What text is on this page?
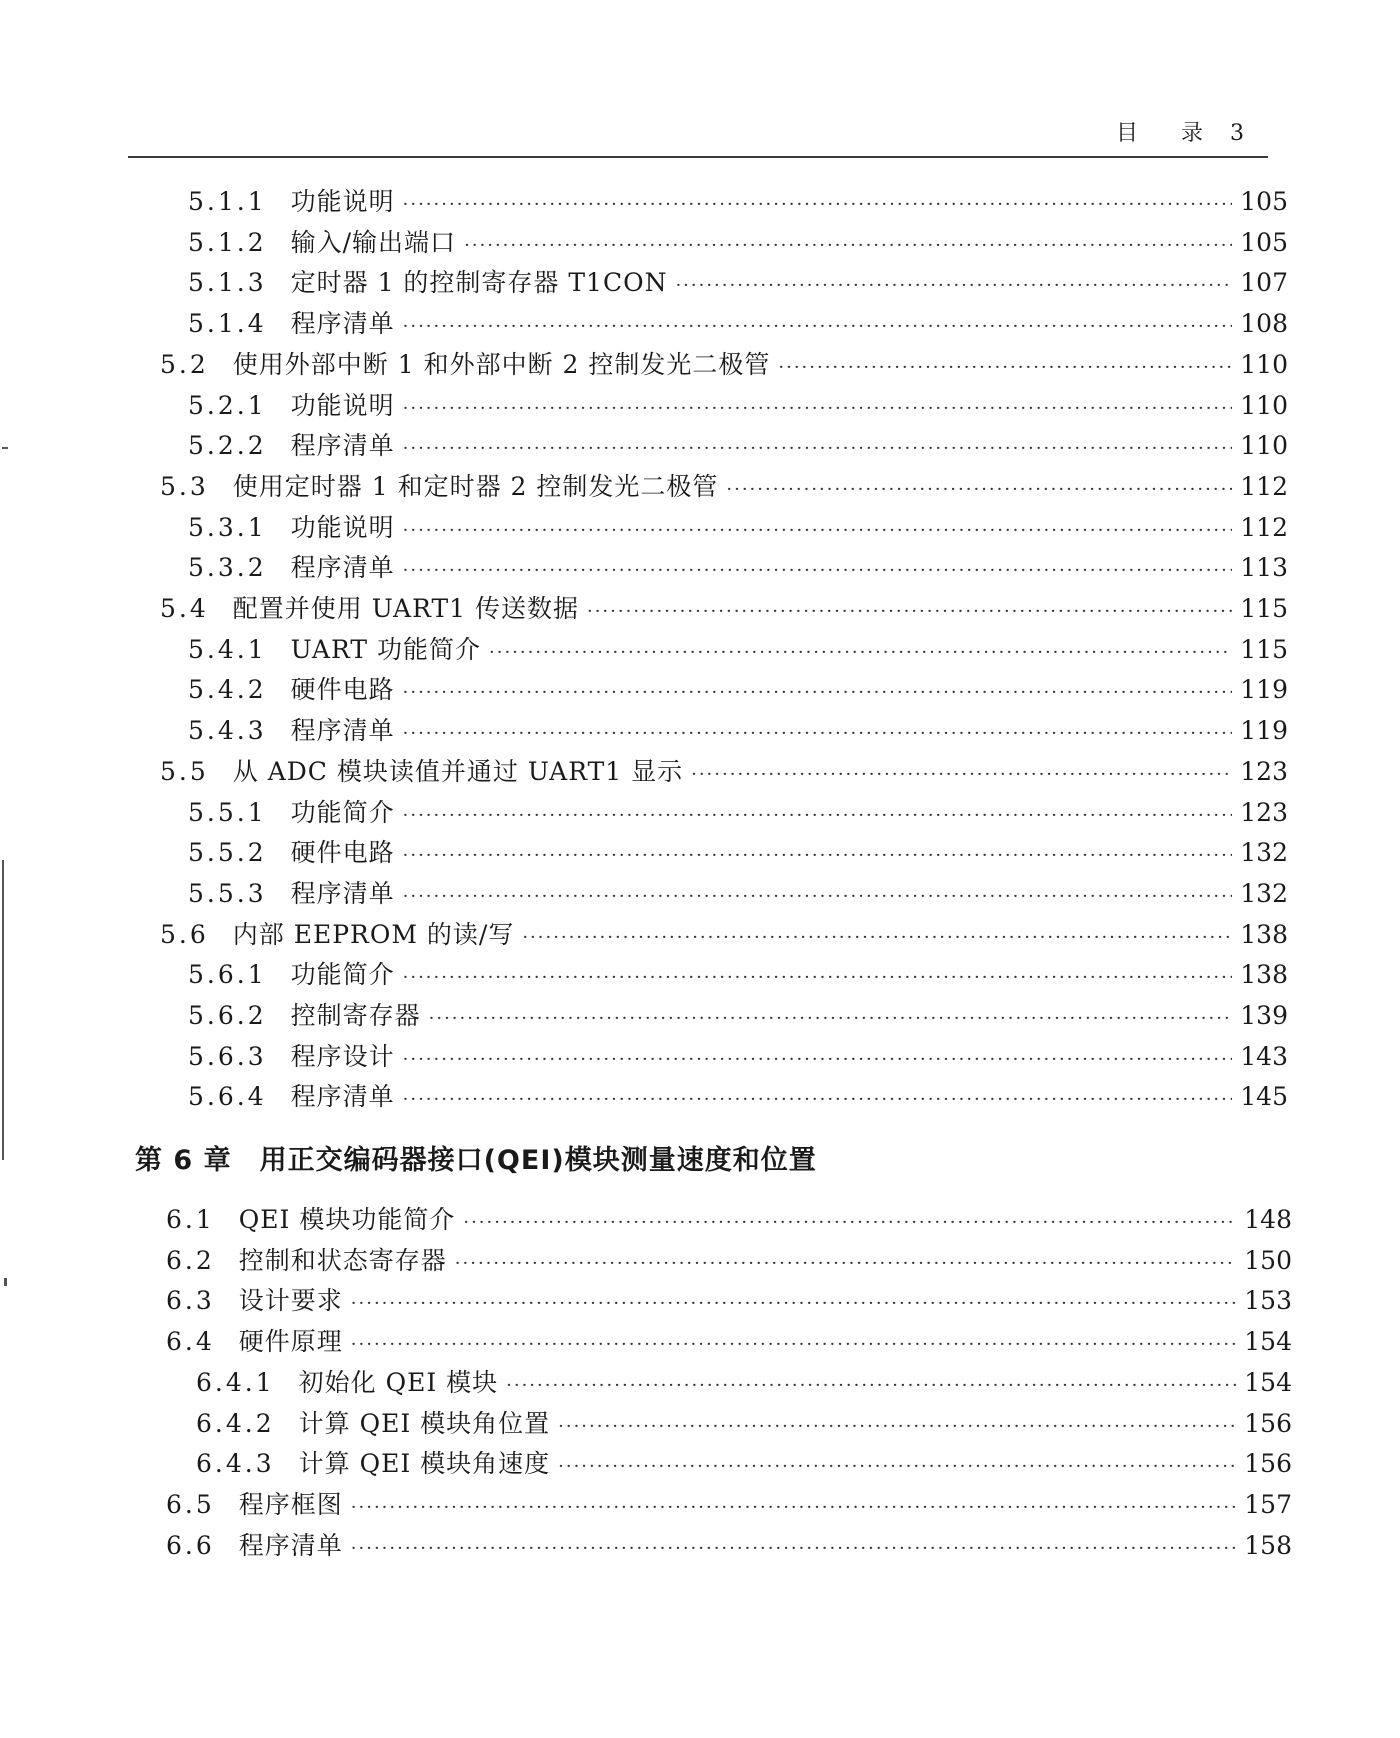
目 录 3
第 6 章 用正交编码器接口(QEI)模块测量速度和位置
5.1.1 功能说明 ·····	105
5.1.2 输入/输出端口 ·····	105
5.1.3 定时器 1 的控制寄存器 T1CON ·····	107
5.1.4 程序清单 ·····	108
5.2 使用外部中断 1 和外部中断 2 控制发光二极管 ·····	110
5.2.1 功能说明 ·····	110
5.2.2 程序清单 ·····	110
5.3 使用定时器 1 和定时器 2 控制发光二极管 ·····	112
5.3.1 功能说明 ·····	112
5.3.2 程序清单 ·····	113
5.4 配置并使用 UART1 传送数据 ·····	115
5.4.1 UART 功能简介 ·····	115
5.4.2 硬件电路 ·····	119
5.4.3 程序清单 ·····	119
5.5 从 ADC 模块读值并通过 UART1 显示 ·····	123
5.5.1 功能简介 ·····	123
5.5.2 硬件电路 ·····	132
5.5.3 程序清单 ·····	132
5.6 内部 EEPROM 的读/写 ·····	138
5.6.1 功能简介 ·····	138
5.6.2 控制寄存器 ·····	139
5.6.3 程序设计 ·····	143
5.6.4 程序清单 ·····	145
6.1 QEI 模块功能简介 ·····	148
6.2 控制和状态寄存器 ·····	150
6.3 设计要求 ·····	153
6.4 硬件原理 ·····	154
6.4.1 初始化 QEI 模块 ·····	154
6.4.2 计算 QEI 模块角位置 ·····	156
6.4.3 计算 QEI 模块角速度 ·····	156
6.5 程序框图 ·····	157
6.6 程序清单 ·····	158
